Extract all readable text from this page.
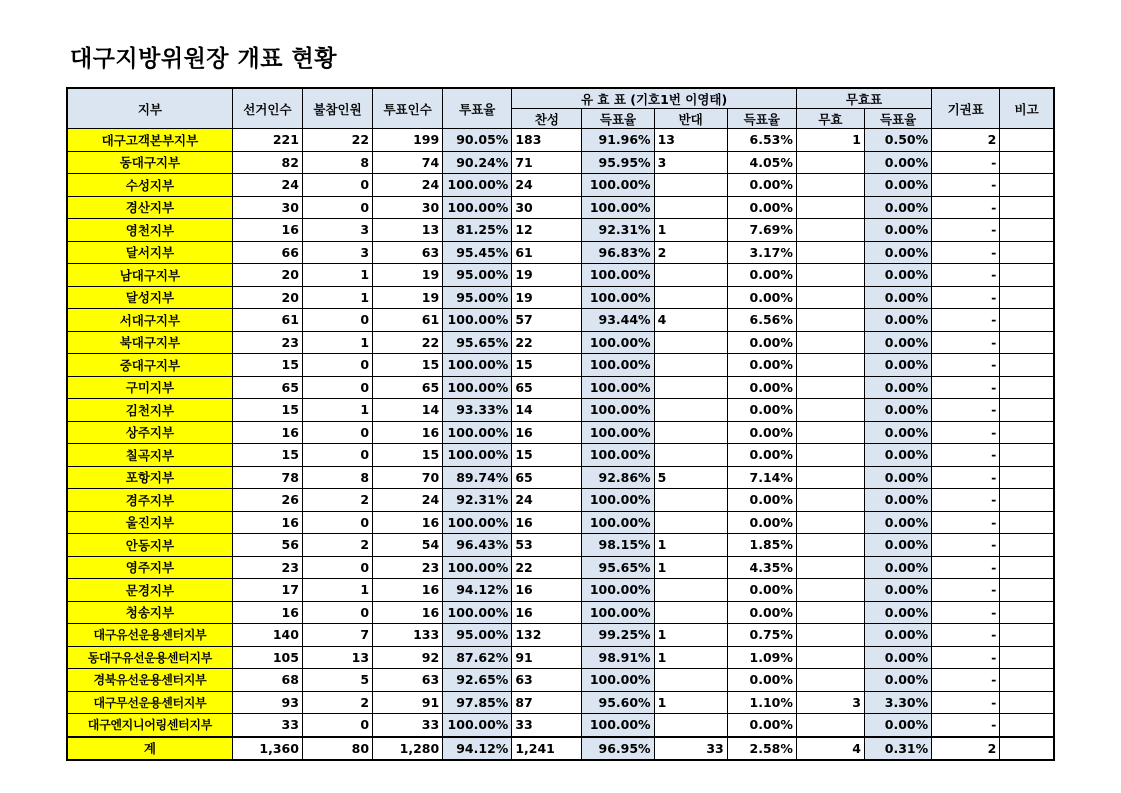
대구지방위원장 개표 현황
지부	선거인수	불참인원	투표인수	투표율	유 효 표 (기호1번 이영태)				무효표		기권표	비고
					찬성	득표율	반대	득표율	무효	득표율		
대구고객본부지부	221	22	199	90.05%	183	91.96%	13	6.53%	1	0.50%	2	
동대구지부	82	8	74	90.24%	71	95.95%	3	4.05%		0.00%	-	
수성지부	24	0	24	100.00%	24	100.00%		0.00%		0.00%	-	
경산지부	30	0	30	100.00%	30	100.00%		0.00%		0.00%	-	
영천지부	16	3	13	81.25%	12	92.31%	1	7.69%		0.00%	-	
달서지부	66	3	63	95.45%	61	96.83%	2	3.17%		0.00%	-	
남대구지부	20	1	19	95.00%	19	100.00%		0.00%		0.00%	-	
달성지부	20	1	19	95.00%	19	100.00%		0.00%		0.00%	-	
서대구지부	61	0	61	100.00%	57	93.44%	4	6.56%		0.00%	-	
북대구지부	23	1	22	95.65%	22	100.00%		0.00%		0.00%	-	
중대구지부	15	0	15	100.00%	15	100.00%		0.00%		0.00%	-	
구미지부	65	0	65	100.00%	65	100.00%		0.00%		0.00%	-	
김천지부	15	1	14	93.33%	14	100.00%		0.00%		0.00%	-	
상주지부	16	0	16	100.00%	16	100.00%		0.00%		0.00%	-	
칠곡지부	15	0	15	100.00%	15	100.00%		0.00%		0.00%	-	
포항지부	78	8	70	89.74%	65	92.86%	5	7.14%		0.00%	-	
경주지부	26	2	24	92.31%	24	100.00%		0.00%		0.00%	-	
울진지부	16	0	16	100.00%	16	100.00%		0.00%		0.00%	-	
안동지부	56	2	54	96.43%	53	98.15%	1	1.85%		0.00%	-	
영주지부	23	0	23	100.00%	22	95.65%	1	4.35%		0.00%	-	
문경지부	17	1	16	94.12%	16	100.00%		0.00%		0.00%	-	
청송지부	16	0	16	100.00%	16	100.00%		0.00%		0.00%	-	
대구유선운용센터지부	140	7	133	95.00%	132	99.25%	1	0.75%		0.00%	-	
동대구유선운용센터지부	105	13	92	87.62%	91	98.91%	1	1.09%		0.00%	-	
경북유선운용센터지부	68	5	63	92.65%	63	100.00%		0.00%		0.00%	-	
대구무선운용센터지부	93	2	91	97.85%	87	95.60%	1	1.10%	3	3.30%	-	
대구엔지니어링센터지부	33	0	33	100.00%	33	100.00%		0.00%		0.00%	-	
계	1,360	80	1,280	94.12%	1,241	96.95%	33	2.58%	4	0.31%	2	
